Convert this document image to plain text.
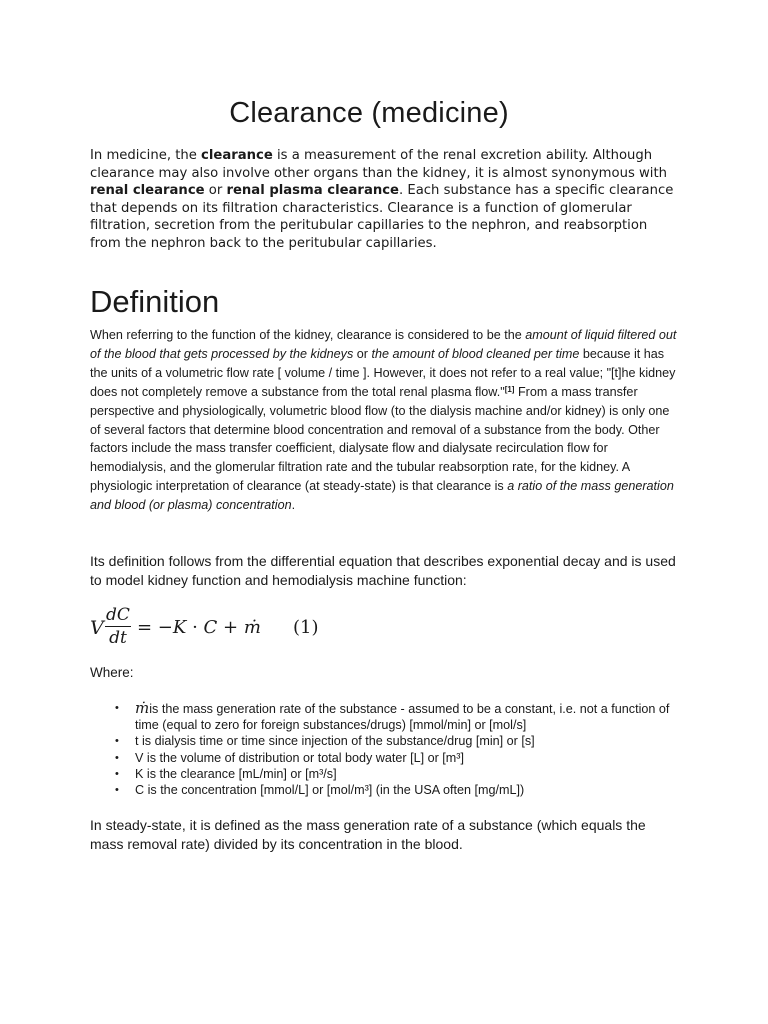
Clearance (medicine)

In medicine, the clearance is a measurement of the renal excretion ability. Although clearance may also involve other organs than the kidney, it is almost synonymous with renal clearance or renal plasma clearance. Each substance has a specific clearance that depends on its filtration characteristics. Clearance is a function of glomerular filtration, secretion from the peritubular capillaries to the nephron, and reabsorption from the nephron back to the peritubular capillaries.

Definition

When referring to the function of the kidney, clearance is considered to be the amount of liquid filtered out of the blood that gets processed by the kidneys or the amount of blood cleaned per time because it has the units of a volumetric flow rate [ volume / time ]. However, it does not refer to a real value; "[t]he kidney does not completely remove a substance from the total renal plasma flow."[1] From a mass transfer perspective and physiologically, volumetric blood flow (to the dialysis machine and/or kidney) is only one of several factors that determine blood concentration and removal of a substance from the body. Other factors include the mass transfer coefficient, dialysate flow and dialysate recirculation flow for hemodialysis, and the glomerular filtration rate and the tubular reabsorption rate, for the kidney. A physiologic interpretation of clearance (at steady-state) is that clearance is a ratio of the mass generation and blood (or plasma) concentration.

Its definition follows from the differential equation that describes exponential decay and is used to model kidney function and hemodialysis machine function:

V
dC
dt = −K · C + ṁ (1)

Where:

• ṁis the mass generation rate of the substance - assumed to be a constant, i.e. not a function of time (equal to zero for foreign substances/drugs) [mmol/min] or [mol/s]
• t is dialysis time or time since injection of the substance/drug [min] or [s]
• V is the volume of distribution or total body water [L] or [m³]
• K is the clearance [mL/min] or [m³/s]
• C is the concentration [mmol/L] or [mol/m³] (in the USA often [mg/mL])

In steady-state, it is defined as the mass generation rate of a substance (which equals the mass removal rate) divided by its concentration in the blood.
